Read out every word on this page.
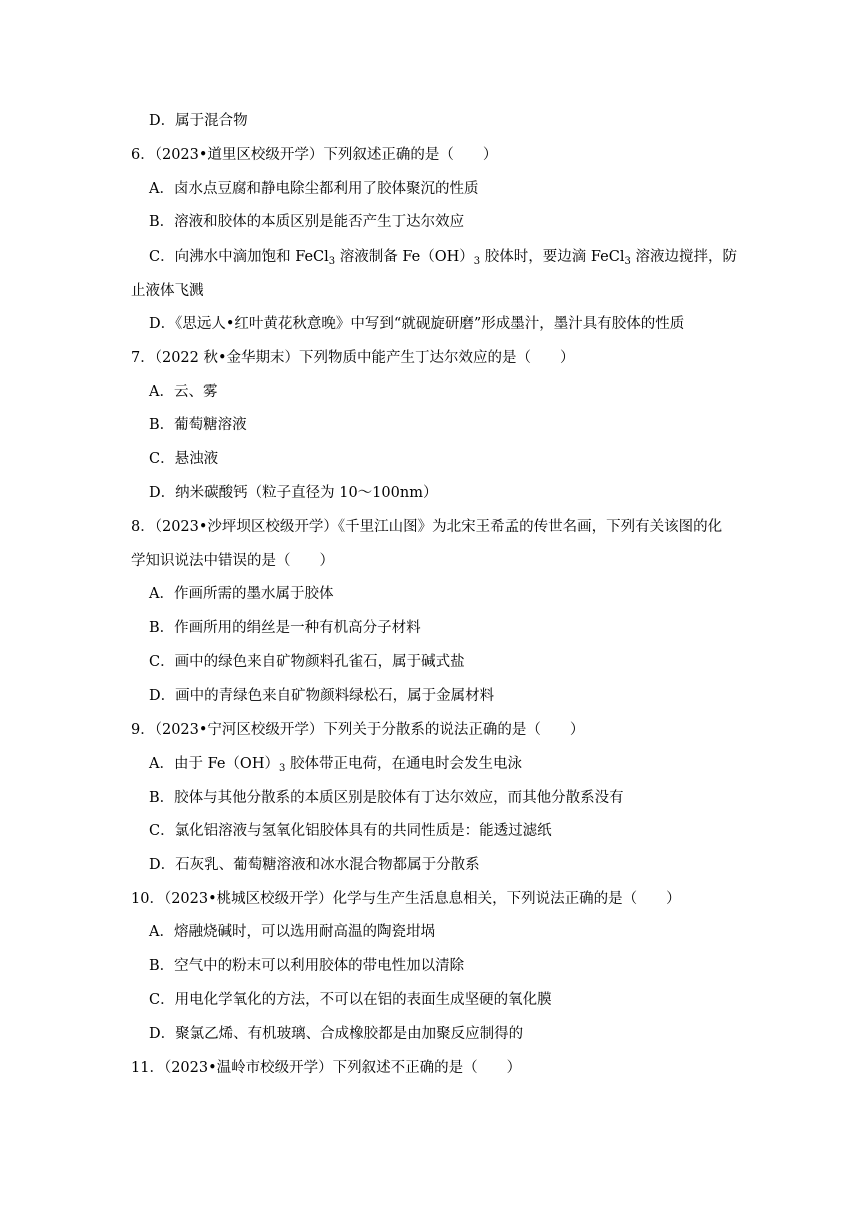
D．属于混合物
6．（2023•道里区校级开学）下列叙述正确的是（　　）
A．卤水点豆腐和静电除尘都利用了胶体聚沉的性质
B．溶液和胶体的本质区别是能否产生丁达尔效应
C．向沸水中滴加饱和 FeCl$_3$ 溶液制备 $Fe(OH)_3$ 胶体时，要边滴 FeCl$_3$ 溶液边搅拌，防
止液体飞溅
D．《思远人•红叶黄花秋意晚》中写到“就砚旋研磨”形成墨汁，墨汁具有胶体的性质
7．（2022 秋•金华期末）下列物质中能产生丁达尔效应的是（　　）
A．云、雾
B．葡萄糖溶液
C．悬浊液
D．纳米碳酸钙（粒子直径为 10～100nm）
8．（2023•沙坪坝区校级开学）《千里江山图》为北宋王希孟的传世名画，下列有关该图的化
学知识说法中错误的是（　　）
A．作画所需的墨水属于胶体
B．作画所用的绢丝是一种有机高分子材料
C．画中的绿色来自矿物颜料孔雀石，属于碱式盐
D．画中的青绿色来自矿物颜料绿松石，属于金属材料
9．（2023•宁河区校级开学）下列关于分散系的说法正确的是（　　）
A．由于 $Fe(OH)_3$ 胶体带正电荷，在通电时会发生电泳
B．胶体与其他分散系的本质区别是胶体有丁达尔效应，而其他分散系没有
C．氯化铝溶液与氢氧化铝胶体具有的共同性质是：能透过滤纸
D．石灰乳、葡萄糖溶液和冰水混合物都属于分散系
10．（2023•桃城区校级开学）化学与生产生活息息相关，下列说法正确的是（　　）
A．熔融烧碱时，可以选用耐高温的陶瓷坩埚
B．空气中的粉末可以利用胶体的带电性加以清除
C．用电化学氧化的方法，不可以在铝的表面生成坚硬的氧化膜
D．聚氯乙烯、有机玻璃、合成橡胶都是由加聚反应制得的
11．（2023•温岭市校级开学）下列叙述不正确的是（　　）
